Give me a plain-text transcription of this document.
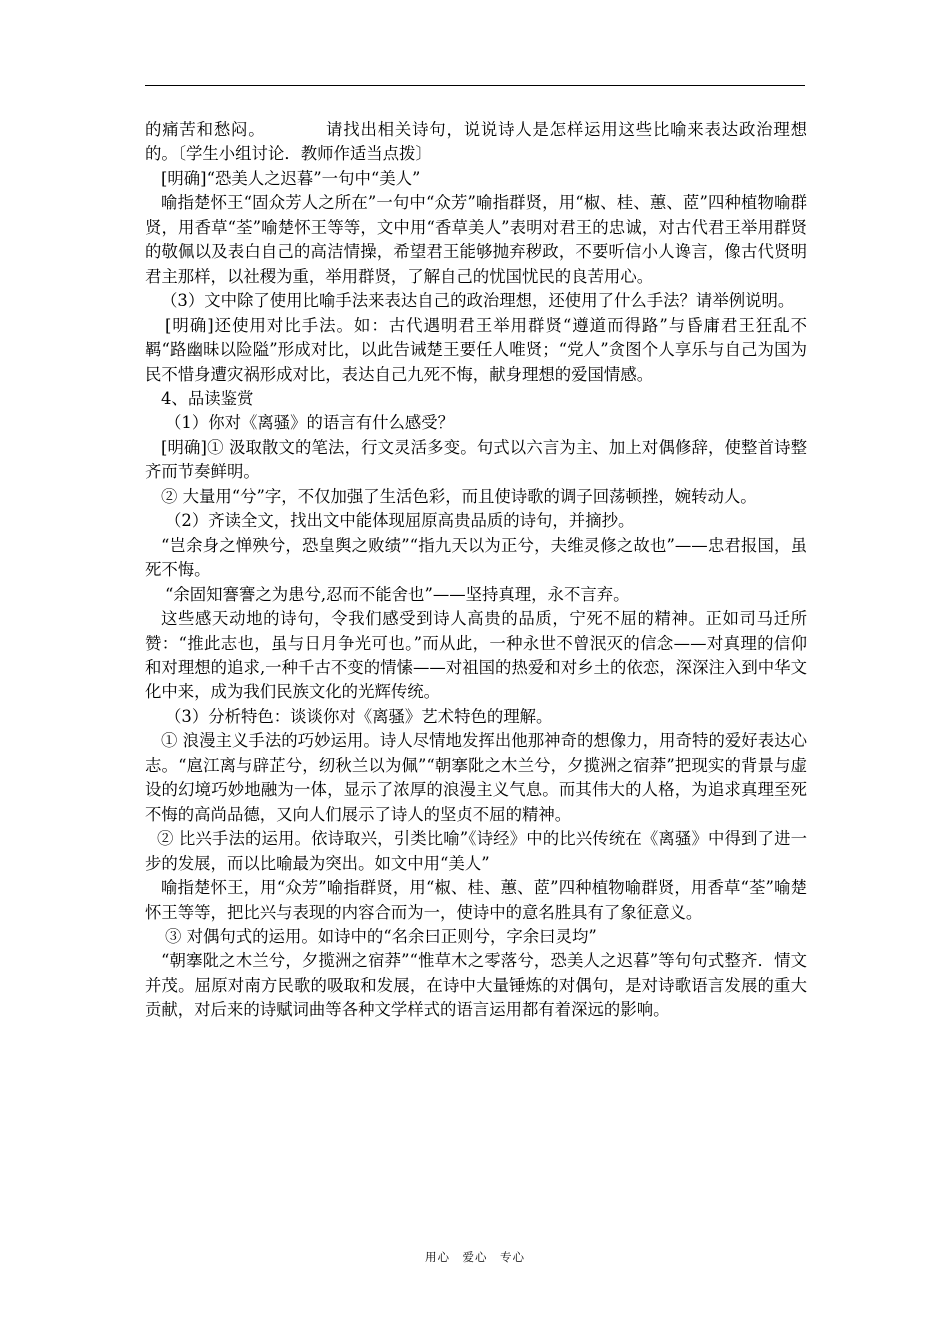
的痛苦和愁闷。　　　　请找出相关诗句，说说诗人是怎样运用这些比喻来表达政治理想的。〔学生小组讨论．教师作适当点拨〕

[明确]“恐美人之迟暮”一句中“美人”

喻指楚怀王“固众芳人之所在”一句中“众芳”喻指群贤，用“椒、桂、蕙、茝”四种植物喻群贤，用香草“荃”喻楚怀王等等，文中用“香草美人”表明对君王的忠诚，对古代君王举用群贤的敬佩以及表白自己的高洁情操，希望君王能够抛弃秽政，不要听信小人谗言，像古代贤明君主那样，以社稷为重，举用群贤，了解自己的忧国忧民的良苦用心。

（3）文中除了使用比喻手法来表达自己的政治理想，还使用了什么手法？请举例说明。

[明确]还使用对比手法。如：古代遇明君王举用群贤“遵道而得路”与昏庸君王狂乱不羁“路幽昧以险隘”形成对比，以此告诫楚王要任人唯贤；“党人”贪图个人享乐与自己为国为民不惜身遭灾祸形成对比，表达自己九死不悔，献身理想的爱国情感。

4、品读鉴赏

（1）你对《离骚》的语言有什么感受？

[明确]① 汲取散文的笔法，行文灵活多变。句式以六言为主、加上对偶修辞，使整首诗整齐而节奏鲜明。

② 大量用“兮”字，不仅加强了生活色彩，而且使诗歌的调子回荡顿挫，婉转动人。

（2）齐读全文，找出文中能体现屈原高贵品质的诗句，并摘抄。

“岂余身之惮殃兮，恐皇舆之败绩”“指九天以为正兮，夫维灵修之故也”——忠君报国，虽死不悔。

“余固知謇謇之为患兮,忍而不能舍也”——坚持真理，永不言弃。

这些感天动地的诗句，令我们感受到诗人高贵的品质，宁死不屈的精神。正如司马迁所赞：“推此志也，虽与日月争光可也。”而从此，一种永世不曾泯灭的信念——对真理的信仰和对理想的追求,一种千古不变的情愫——对祖国的热爱和对乡土的依恋，深深注入到中华文化中来，成为我们民族文化的光辉传统。

（3）分析特色：谈谈你对《离骚》艺术特色的理解。

① 浪漫主义手法的巧妙运用。诗人尽情地发挥出他那神奇的想像力，用奇特的爱好表达心志。“扈江离与辟芷兮，纫秋兰以为佩”“朝搴阰之木兰兮，夕揽洲之宿莽”把现实的背景与虚设的幻境巧妙地融为一体，显示了浓厚的浪漫主义气息。而其伟大的人格，为追求真理至死不悔的高尚品德，又向人们展示了诗人的坚贞不屈的精神。

② 比兴手法的运用。依诗取兴，引类比喻”《诗经》中的比兴传统在《离骚》中得到了进一步的发展，而以比喻最为突出。如文中用“美人”

喻指楚怀王，用“众芳”喻指群贤，用“椒、桂、蕙、茝”四种植物喻群贤，用香草“荃”喻楚怀王等等，把比兴与表现的内容合而为一，使诗中的意名胜具有了象征意义。

③ 对偶句式的运用。如诗中的“名余曰正则兮，字余曰灵均”

“朝搴阰之木兰兮，夕揽洲之宿莽”“惟草木之零落兮，恐美人之迟暮”等句句式整齐．情文并茂。屈原对南方民歌的吸取和发展，在诗中大量锤炼的对偶句，是对诗歌语言发展的重大贡献，对后来的诗赋词曲等各种文学样式的语言运用都有着深远的影响。

用心　爱心　专心
